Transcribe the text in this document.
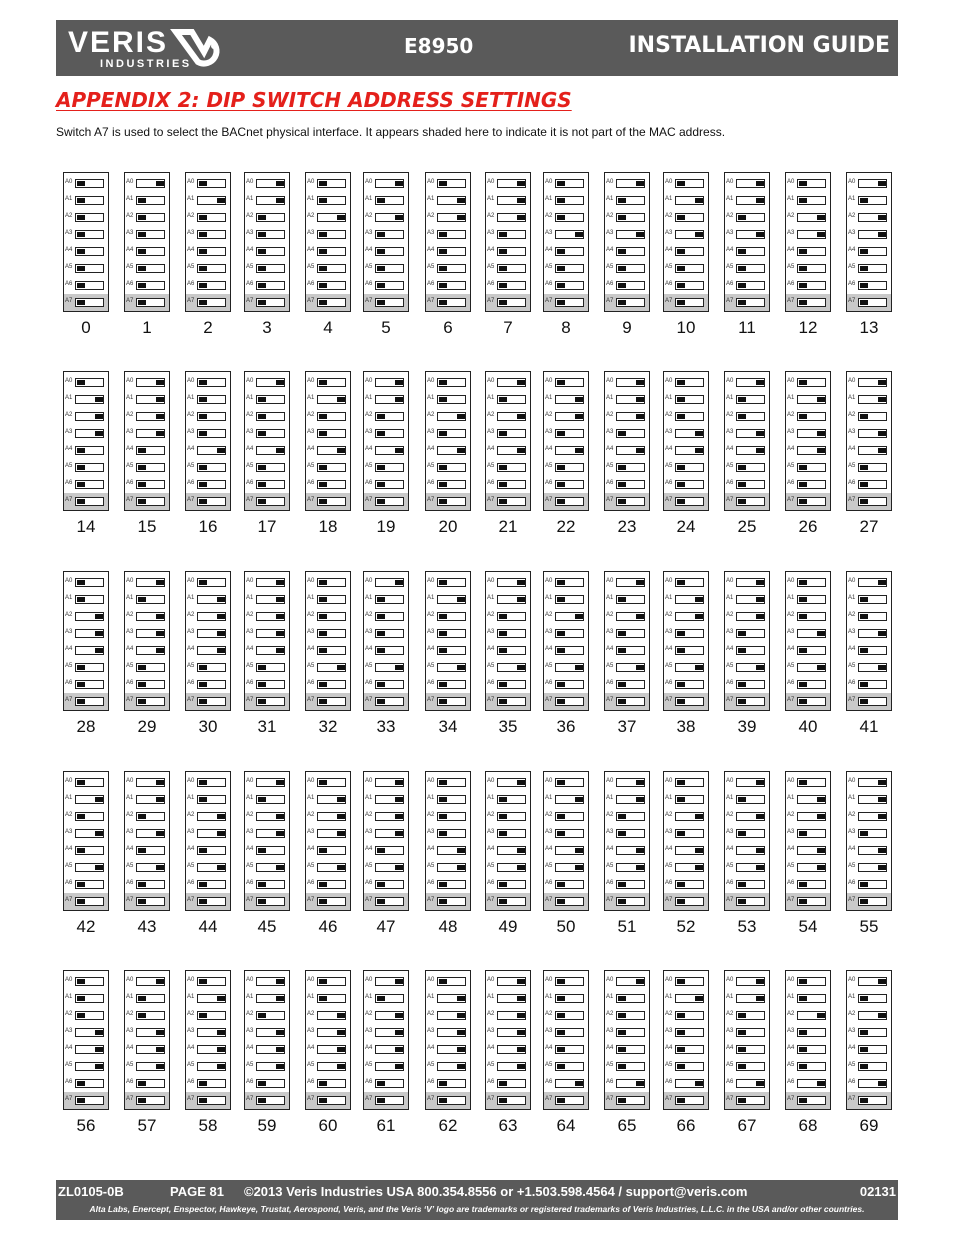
VERIS
INDUSTRIES
E8950	INSTALLATION GUIDE
APPENDIX 2: DIP SWITCH ADDRESS SETTINGS
Switch A7 is used to select the BACnet physical interface. It appears shaded here to indicate it is not part of the MAC address.
A0
A1
A2
A3
A4
A5
A6
A7
0
A0
A1
A2
A3
A4
A5
A6
A7
1
A0
A1
A2
A3
A4
A5
A6
A7
2
A0
A1
A2
A3
A4
A5
A6
A7
3
A0
A1
A2
A3
A4
A5
A6
A7
4
A0
A1
A2
A3
A4
A5
A6
A7
5
A0
A1
A2
A3
A4
A5
A6
A7
6
A0
A1
A2
A3
A4
A5
A6
A7
7
A0
A1
A2
A3
A4
A5
A6
A7
8
A0
A1
A2
A3
A4
A5
A6
A7
9
A0
A1
A2
A3
A4
A5
A6
A7
10
A0
A1
A2
A3
A4
A5
A6
A7
11
A0
A1
A2
A3
A4
A5
A6
A7
12
A0
A1
A2
A3
A4
A5
A6
A7
13
A0
A1
A2
A3
A4
A5
A6
A7
14
A0
A1
A2
A3
A4
A5
A6
A7
15
A0
A1
A2
A3
A4
A5
A6
A7
16
A0
A1
A2
A3
A4
A5
A6
A7
17
A0
A1
A2
A3
A4
A5
A6
A7
18
A0
A1
A2
A3
A4
A5
A6
A7
19
A0
A1
A2
A3
A4
A5
A6
A7
20
A0
A1
A2
A3
A4
A5
A6
A7
21
A0
A1
A2
A3
A4
A5
A6
A7
22
A0
A1
A2
A3
A4
A5
A6
A7
23
A0
A1
A2
A3
A4
A5
A6
A7
24
A0
A1
A2
A3
A4
A5
A6
A7
25
A0
A1
A2
A3
A4
A5
A6
A7
26
A0
A1
A2
A3
A4
A5
A6
A7
27
A0
A1
A2
A3
A4
A5
A6
A7
28
A0
A1
A2
A3
A4
A5
A6
A7
29
A0
A1
A2
A3
A4
A5
A6
A7
30
A0
A1
A2
A3
A4
A5
A6
A7
31
A0
A1
A2
A3
A4
A5
A6
A7
32
A0
A1
A2
A3
A4
A5
A6
A7
33
A0
A1
A2
A3
A4
A5
A6
A7
34
A0
A1
A2
A3
A4
A5
A6
A7
35
A0
A1
A2
A3
A4
A5
A6
A7
36
A0
A1
A2
A3
A4
A5
A6
A7
37
A0
A1
A2
A3
A4
A5
A6
A7
38
A0
A1
A2
A3
A4
A5
A6
A7
39
A0
A1
A2
A3
A4
A5
A6
A7
40
A0
A1
A2
A3
A4
A5
A6
A7
41
A0
A1
A2
A3
A4
A5
A6
A7
42
A0
A1
A2
A3
A4
A5
A6
A7
43
A0
A1
A2
A3
A4
A5
A6
A7
44
A0
A1
A2
A3
A4
A5
A6
A7
45
A0
A1
A2
A3
A4
A5
A6
A7
46
A0
A1
A2
A3
A4
A5
A6
A7
47
A0
A1
A2
A3
A4
A5
A6
A7
48
A0
A1
A2
A3
A4
A5
A6
A7
49
A0
A1
A2
A3
A4
A5
A6
A7
50
A0
A1
A2
A3
A4
A5
A6
A7
51
A0
A1
A2
A3
A4
A5
A6
A7
52
A0
A1
A2
A3
A4
A5
A6
A7
53
A0
A1
A2
A3
A4
A5
A6
A7
54
A0
A1
A2
A3
A4
A5
A6
A7
55
A0
A1
A2
A3
A4
A5
A6
A7
56
A0
A1
A2
A3
A4
A5
A6
A7
57
A0
A1
A2
A3
A4
A5
A6
A7
58
A0
A1
A2
A3
A4
A5
A6
A7
59
A0
A1
A2
A3
A4
A5
A6
A7
60
A0
A1
A2
A3
A4
A5
A6
A7
61
A0
A1
A2
A3
A4
A5
A6
A7
62
A0
A1
A2
A3
A4
A5
A6
A7
63
A0
A1
A2
A3
A4
A5
A6
A7
64
A0
A1
A2
A3
A4
A5
A6
A7
65
A0
A1
A2
A3
A4
A5
A6
A7
66
A0
A1
A2
A3
A4
A5
A6
A7
67
A0
A1
A2
A3
A4
A5
A6
A7
68
A0
A1
A2
A3
A4
A5
A6
A7
69
ZL0105-0B	PAGE 81 ©2013 Veris Industries USA 800.354.8556 or +1.503.598.4564 / support@veris.com	02131
Alta Labs, Enercept, Enspector, Hawkeye, Trustat, Aerospond, Veris, and the Veris ‘V’ logo are trademarks or registered trademarks of Veris Industries, L.L.C. in the USA and/or other countries.
